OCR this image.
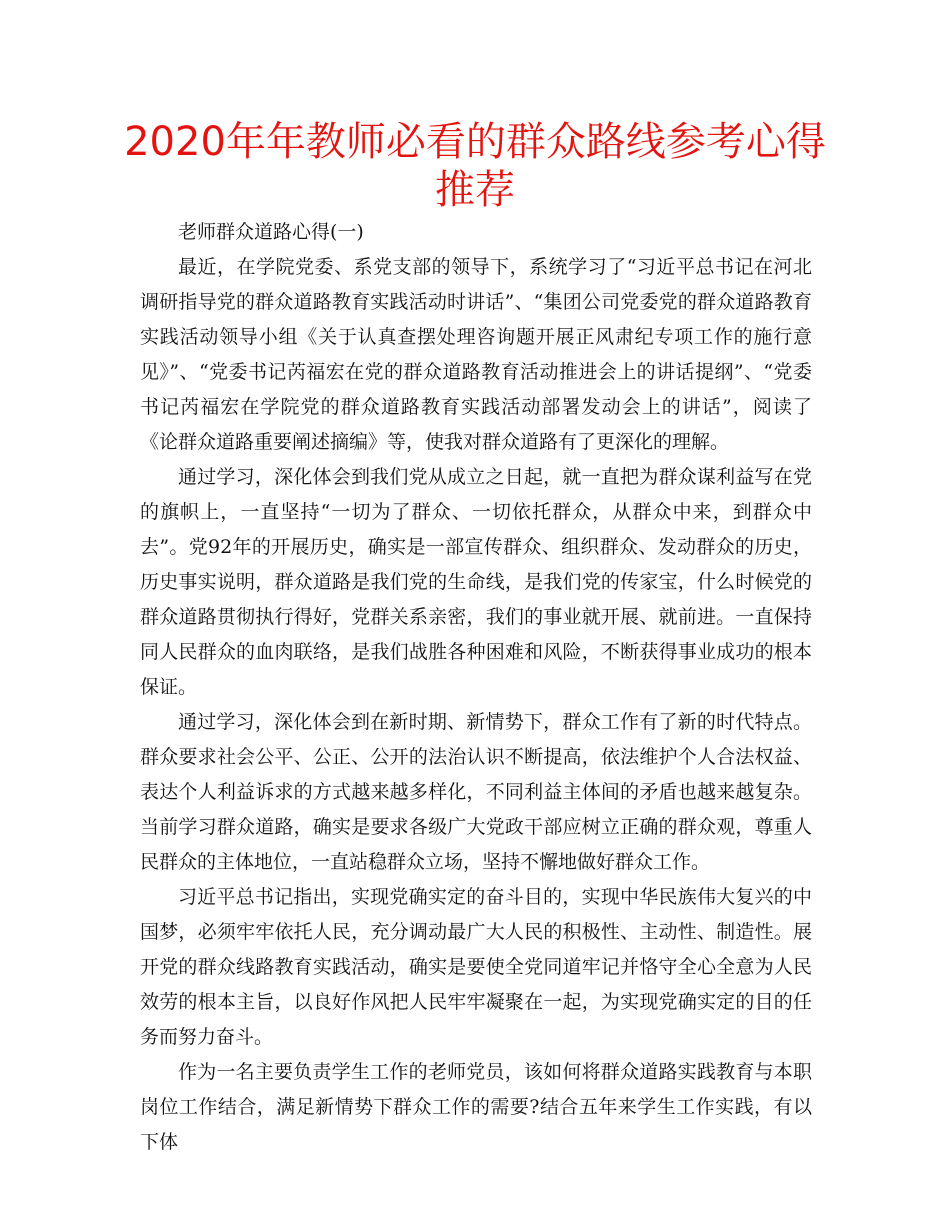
2020年年教师必看的群众路线参考心得推荐

老师群众道路心得(一)

最近，在学院党委、系党支部的领导下，系统学习了“习近平总书记在河北调研指导党的群众道路教育实践活动时讲话”、“集团公司党委党的群众道路教育实践活动领导小组《关于认真查摆处理咨询题开展正风肃纪专项工作的施行意见》”、“党委书记芮福宏在党的群众道路教育活动推进会上的讲话提纲”、“党委书记芮福宏在学院党的群众道路教育实践活动部署发动会上的讲话”，阅读了《论群众道路重要阐述摘编》等，使我对群众道路有了更深化的理解。

通过学习，深化体会到我们党从成立之日起，就一直把为群众谋利益写在党的旗帜上，一直坚持“一切为了群众、一切依托群众，从群众中来，到群众中去”。党92年的开展历史，确实是一部宣传群众、组织群众、发动群众的历史，历史事实说明，群众道路是我们党的生命线，是我们党的传家宝，什么时候党的群众道路贯彻执行得好，党群关系亲密，我们的事业就开展、就前进。一直保持同人民群众的血肉联络，是我们战胜各种困难和风险，不断获得事业成功的根本保证。

通过学习，深化体会到在新时期、新情势下，群众工作有了新的时代特点。群众要求社会公平、公正、公开的法治认识不断提高，依法维护个人合法权益、表达个人利益诉求的方式越来越多样化，不同利益主体间的矛盾也越来越复杂。当前学习群众道路，确实是要求各级广大党政干部应树立正确的群众观，尊重人民群众的主体地位，一直站稳群众立场，坚持不懈地做好群众工作。

习近平总书记指出，实现党确实定的奋斗目的，实现中华民族伟大复兴的中国梦，必须牢牢依托人民，充分调动最广大人民的积极性、主动性、制造性。展开党的群众线路教育实践活动，确实是要使全党同道牢记并恪守全心全意为人民效劳的根本主旨，以良好作风把人民牢牢凝聚在一起，为实现党确实定的目的任务而努力奋斗。

作为一名主要负责学生工作的老师党员，该如何将群众道路实践教育与本职岗位工作结合，满足新情势下群众工作的需要?结合五年来学生工作实践，有以下体
